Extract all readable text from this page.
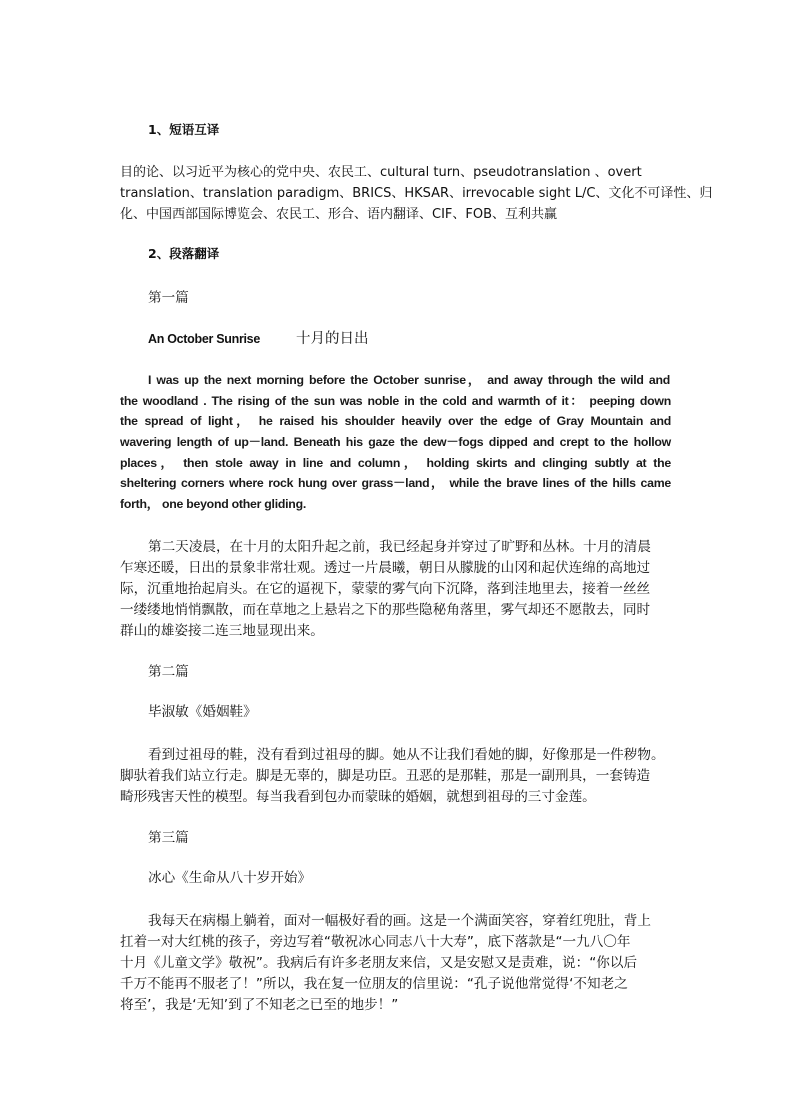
1、短语互译
目的论、以习近平为核心的党中央、农民工、cultural turn、pseudotranslation 、overt
translation、translation paradigm、BRICS、HKSAR、irrevocable sight L/C、文化不可译性、归
化、中国西部国际博览会、农民工、形合、语内翻译、CIF、FOB、互利共赢
2、段落翻译
第一篇
An October Sunrise 十月的日出
I was up the next morning before the October sunrise， and away through the wild and
the woodland . The rising of the sun was noble in the cold and warmth of it： peeping down
the spread of light， he raised his shoulder heavily over the edge of Gray Mountain and
wavering length of up－land. Beneath his gaze the dew－fogs dipped and crept to the hollow
places， then stole away in line and column， holding skirts and clinging subtly at the
sheltering corners where rock hung over grass－land， while the brave lines of the hills came
forth， one beyond other gliding.
第二天凌晨，在十月的太阳升起之前，我已经起身并穿过了旷野和丛林。十月的清晨
乍寒还暖，日出的景象非常壮观。透过一片晨曦，朝日从朦胧的山冈和起伏连绵的高地过
际，沉重地抬起肩头。在它的逼视下，蒙蒙的雾气向下沉降，落到洼地里去，接着一丝丝
一缕缕地悄悄飘散，而在草地之上悬岩之下的那些隐秘角落里，雾气却还不愿散去，同时
群山的雄姿接二连三地显现出来。
第二篇
毕淑敏《婚姻鞋》
看到过祖母的鞋，没有看到过祖母的脚。她从不让我们看她的脚，好像那是一件秽物。
脚驮着我们站立行走。脚是无辜的，脚是功臣。丑恶的是那鞋，那是一副刑具，一套铸造
畸形残害天性的模型。每当我看到包办而蒙昧的婚姻，就想到祖母的三寸金莲。
第三篇
冰心《生命从八十岁开始》
我每天在病榻上躺着，面对一幅极好看的画。这是一个满面笑容，穿着红兜肚，背上
扛着一对大红桃的孩子，旁边写着“敬祝冰心同志八十大寿”，底下落款是“一九八〇年
十月《儿童文学》敬祝”。我病后有许多老朋友来信，又是安慰又是责难，说：“你以后
千万不能再不服老了！”所以，我在复一位朋友的信里说：“孔子说他常觉得‘不知老之
将至’，我是‘无知’到了不知老之已至的地步！”
